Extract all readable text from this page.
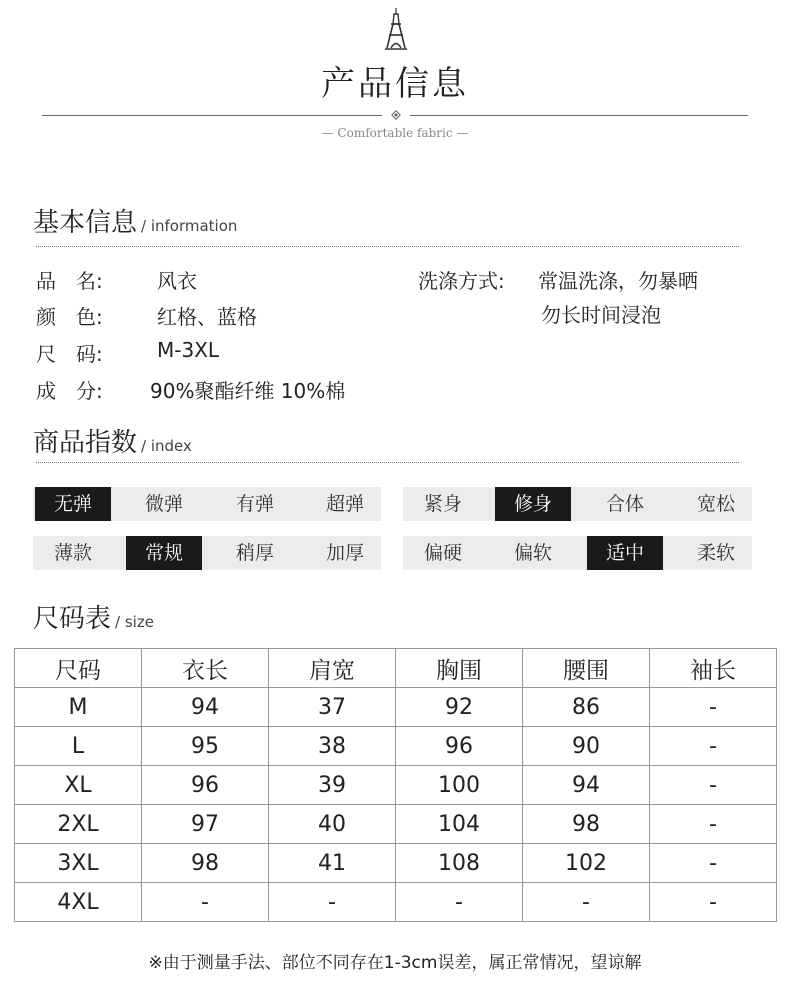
产品信息
— Comfortable fabric —
基本信息 / information
品　名:	风衣
颜　色:	红格、蓝格
尺　码:	M-3XL
成　分: 90%聚酯纤维 10%棉
洗涤方式: 常温洗涤，勿暴晒
勿长时间浸泡
商品指数 / index
无弹	微弹	有弹	超弹	紧身	修身	合体	宽松
薄款	常规	稍厚	加厚	偏硬	偏软	适中	柔软
尺码表 / size
尺码	衣长	肩宽	胸围	腰围	袖长
M	94	37	92	86	-
L	95	38	96	90	-
XL	96	39	100	94	-
2XL	97	40	104	98	-
3XL	98	41	108	102	-
4XL	-	-	-	-	-
※由于测量手法、部位不同存在1-3cm误差，属正常情况，望谅解
